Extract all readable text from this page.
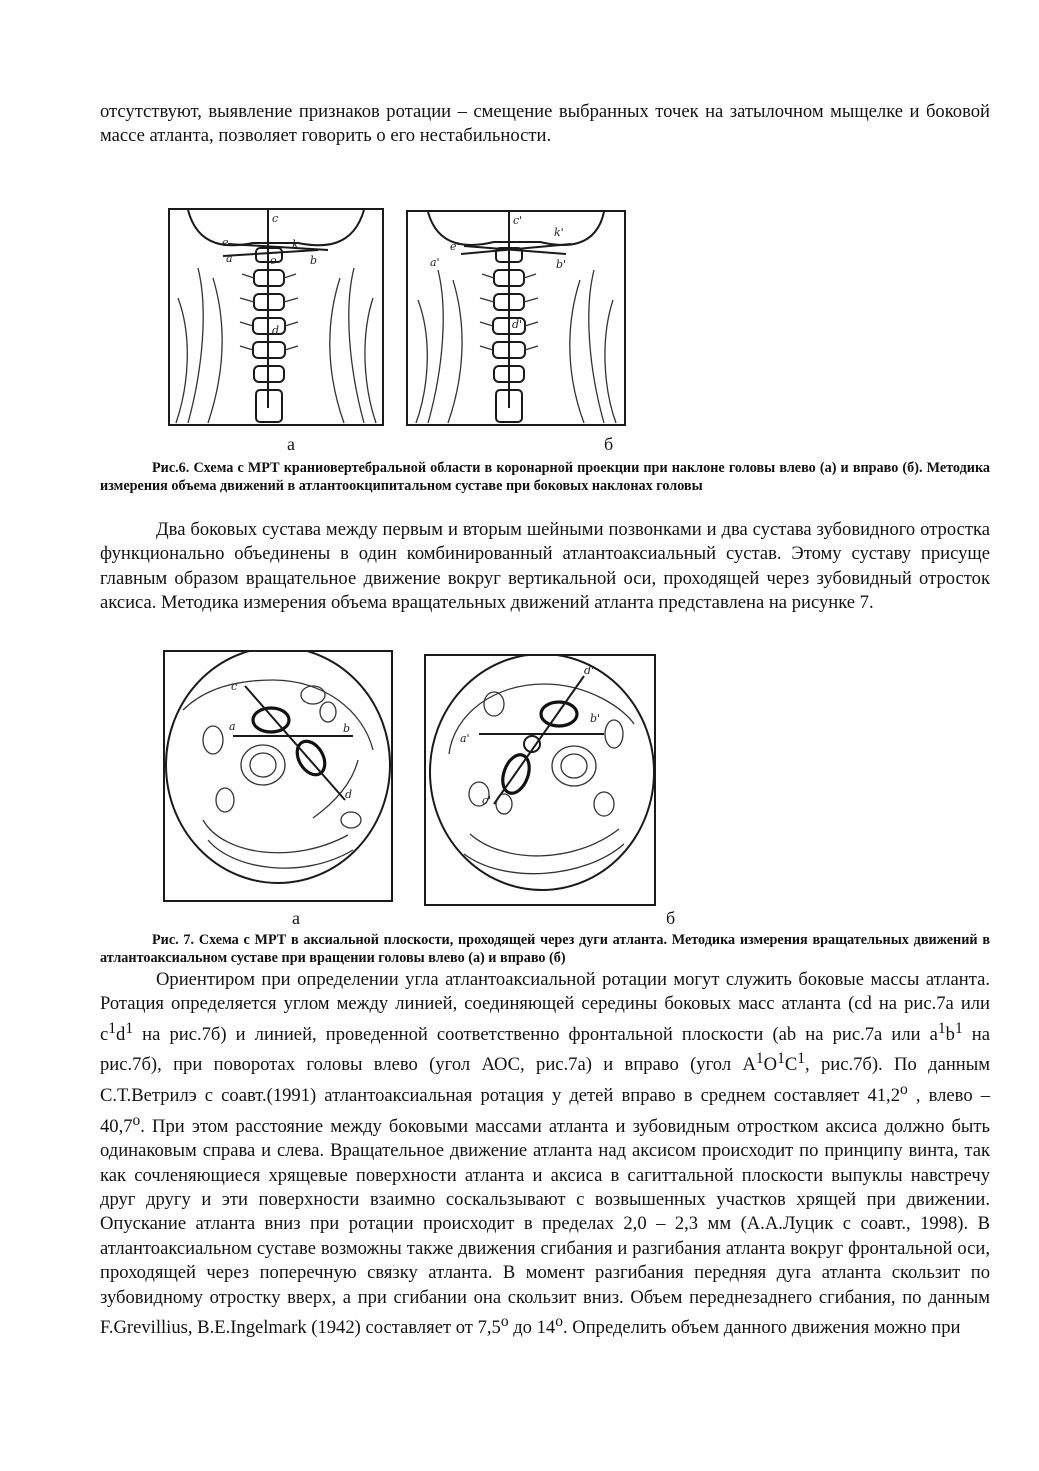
отсутствуют, выявление признаков ротации – смещение выбранных точек на затылочном мыщелке и боковой массе атланта, позволяет говорить о его нестабильности.

c
e	k
a	b
o
d
c'
e'
k'
a'	b'
d'
а	б
Рис.6. Схема с МРТ краниовертебральной области в коронарной проекции при наклоне головы влево (а) и вправо (б). Методика измерения объема движений в атлантоокципитальном суставе при боковых наклонах головы

Два боковых сустава между первым и вторым шейными позвонками и два сустава зубовидного отростка функционально объединены в один комбинированный атлантоаксиальный сустав. Этому суставу присуще главным образом вращательное движение вокруг вертикальной оси, проходящей через зубовидный отросток аксиса. Методика измерения объема вращательных движений атланта представлена на рисунке 7.

c
a	b
d
d'
a'
b'
c'
а	б
Рис. 7. Схема с МРТ в аксиальной плоскости, проходящей через дуги атланта. Методика измерения вращательных движений в атлантоаксиальном суставе при вращении головы влево (а) и вправо (б)

Ориентиром при определении угла атлантоаксиальной ротации могут служить боковые массы атланта. Ротация определяется углом между линией, соединяющей середины боковых масс атланта (cd на рис.7а или $c^1d^1$ на рис.7б) и линией, проведенной соответственно фронтальной плоскости (ab на рис.7а или $a^1b^1$ на рис.7б), при поворотах головы влево (угол АОС, рис.7а) и вправо (угол $A^1O^1C^1$, рис.7б). По данным С.Т.Ветрилэ с соавт.(1991) атлантоаксиальная ротация у детей вправо в среднем составляет 41,2$^o$ , влево – 40,7$^o$. При этом расстояние между боковыми массами атланта и зубовидным отростком аксиса должно быть одинаковым справа и слева. Вращательное движение атланта над аксисом происходит по принципу винта, так как сочленяющиеся хрящевые поверхности атланта и аксиса в сагиттальной плоскости выпуклы навстречу друг другу и эти поверхности взаимно соскальзывают с возвышенных участков хрящей при движении. Опускание атланта вниз при ротации происходит в пределах 2,0 – 2,3 мм (А.А.Луцик с соавт., 1998). В атлантоаксиальном суставе возможны также движения сгибания и разгибания атланта вокруг фронтальной оси, проходящей через поперечную связку атланта. В момент разгибания передняя дуга атланта скользит по зубовидному отростку вверх, а при сгибании она скользит вниз. Объем переднезаднего сгибания, по данным F.Grevillius, B.E.Ingelmark (1942) составляет от 7,5$^o$ до 14$^o$. Определить объем данного движения можно при
